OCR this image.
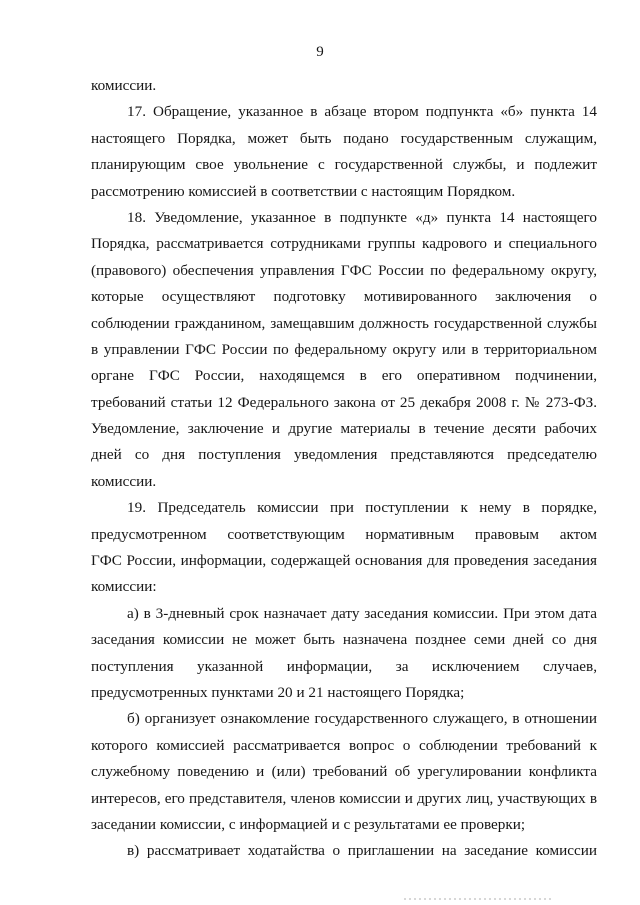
9
комиссии.
17. Обращение, указанное в абзаце втором подпункта «б» пункта 14
настоящего Порядка, может быть подано государственным служащим,
планирующим свое увольнение с государственной службы, и подлежит
рассмотрению комиссией в соответствии с настоящим Порядком.
18. Уведомление, указанное в подпункте «д» пункта 14 настоящего
Порядка, рассматривается сотрудниками группы кадрового и специального
(правового) обеспечения управления ГФС России по федеральному округу,
которые осуществляют подготовку мотивированного заключения о
соблюдении гражданином, замещавшим должность государственной службы
в управлении ГФС России по федеральному округу или в территориальном
органе ГФС России, находящемся в его оперативном подчинении,
требований статьи 12 Федерального закона от 25 декабря 2008 г. № 273-ФЗ.
Уведомление, заключение и другие материалы в течение десяти рабочих
дней со дня поступления уведомления представляются председателю
комиссии.
19. Председатель комиссии при поступлении к нему в порядке,
предусмотренном соответствующим нормативным правовым актом
ГФС России, информации, содержащей основания для проведения заседания
комиссии:
а) в 3-дневный срок назначает дату заседания комиссии. При этом дата
заседания комиссии не может быть назначена позднее семи дней со дня
поступления указанной информации, за исключением случаев,
предусмотренных пунктами 20 и 21 настоящего Порядка;
б) организует ознакомление государственного служащего, в отношении
которого комиссией рассматривается вопрос о соблюдении требований к
служебному поведению и (или) требований об урегулировании конфликта
интересов, его представителя, членов комиссии и других лиц, участвующих в
заседании комиссии, с информацией и с результатами ее проверки;
в) рассматривает ходатайства о приглашении на заседание комиссии
